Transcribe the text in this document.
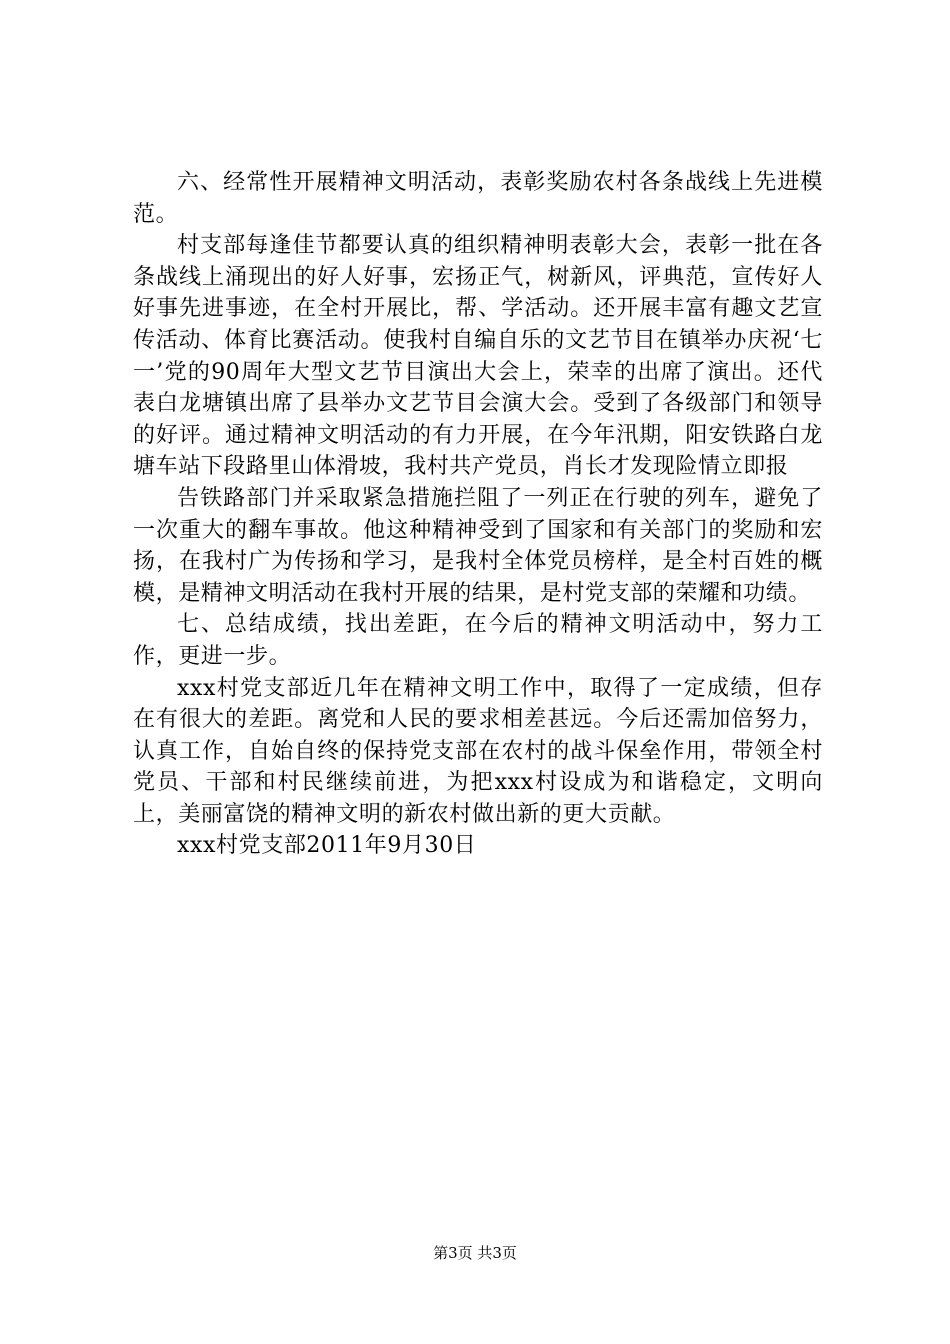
六、经常性开展精神文明活动，表彰奖励农村各条战线上先进模范。

村支部每逢佳节都要认真的组织精神明表彰大会，表彰一批在各条战线上涌现出的好人好事，宏扬正气，树新风，评典范，宣传好人好事先进事迹，在全村开展比，帮、学活动。还开展丰富有趣文艺宣传活动、体育比赛活动。使我村自编自乐的文艺节目在镇举办庆祝‘七一’党的90周年大型文艺节目演出大会上，荣幸的出席了演出。还代表白龙塘镇出席了县举办文艺节目会演大会。受到了各级部门和领导的好评。通过精神文明活动的有力开展，在今年汛期，阳安铁路白龙塘车站下段路里山体滑坡，我村共产党员，肖长才发现险情立即报

告铁路部门并采取紧急措施拦阻了一列正在行驶的列车，避免了一次重大的翻车事故。他这种精神受到了国家和有关部门的奖励和宏扬，在我村广为传扬和学习，是我村全体党员榜样，是全村百姓的概模，是精神文明活动在我村开展的结果，是村党支部的荣耀和功绩。

七、总结成绩，找出差距，在今后的精神文明活动中，努力工作，更进一步。

xxx村党支部近几年在精神文明工作中，取得了一定成绩，但存在有很大的差距。离党和人民的要求相差甚远。今后还需加倍努力，认真工作，自始自终的保持党支部在农村的战斗保垒作用，带领全村党员、干部和村民继续前进，为把xxx村设成为和谐稳定，文明向上，美丽富饶的精神文明的新农村做出新的更大贡献。

xxx村党支部2011年9月30日

第3页 共3页
